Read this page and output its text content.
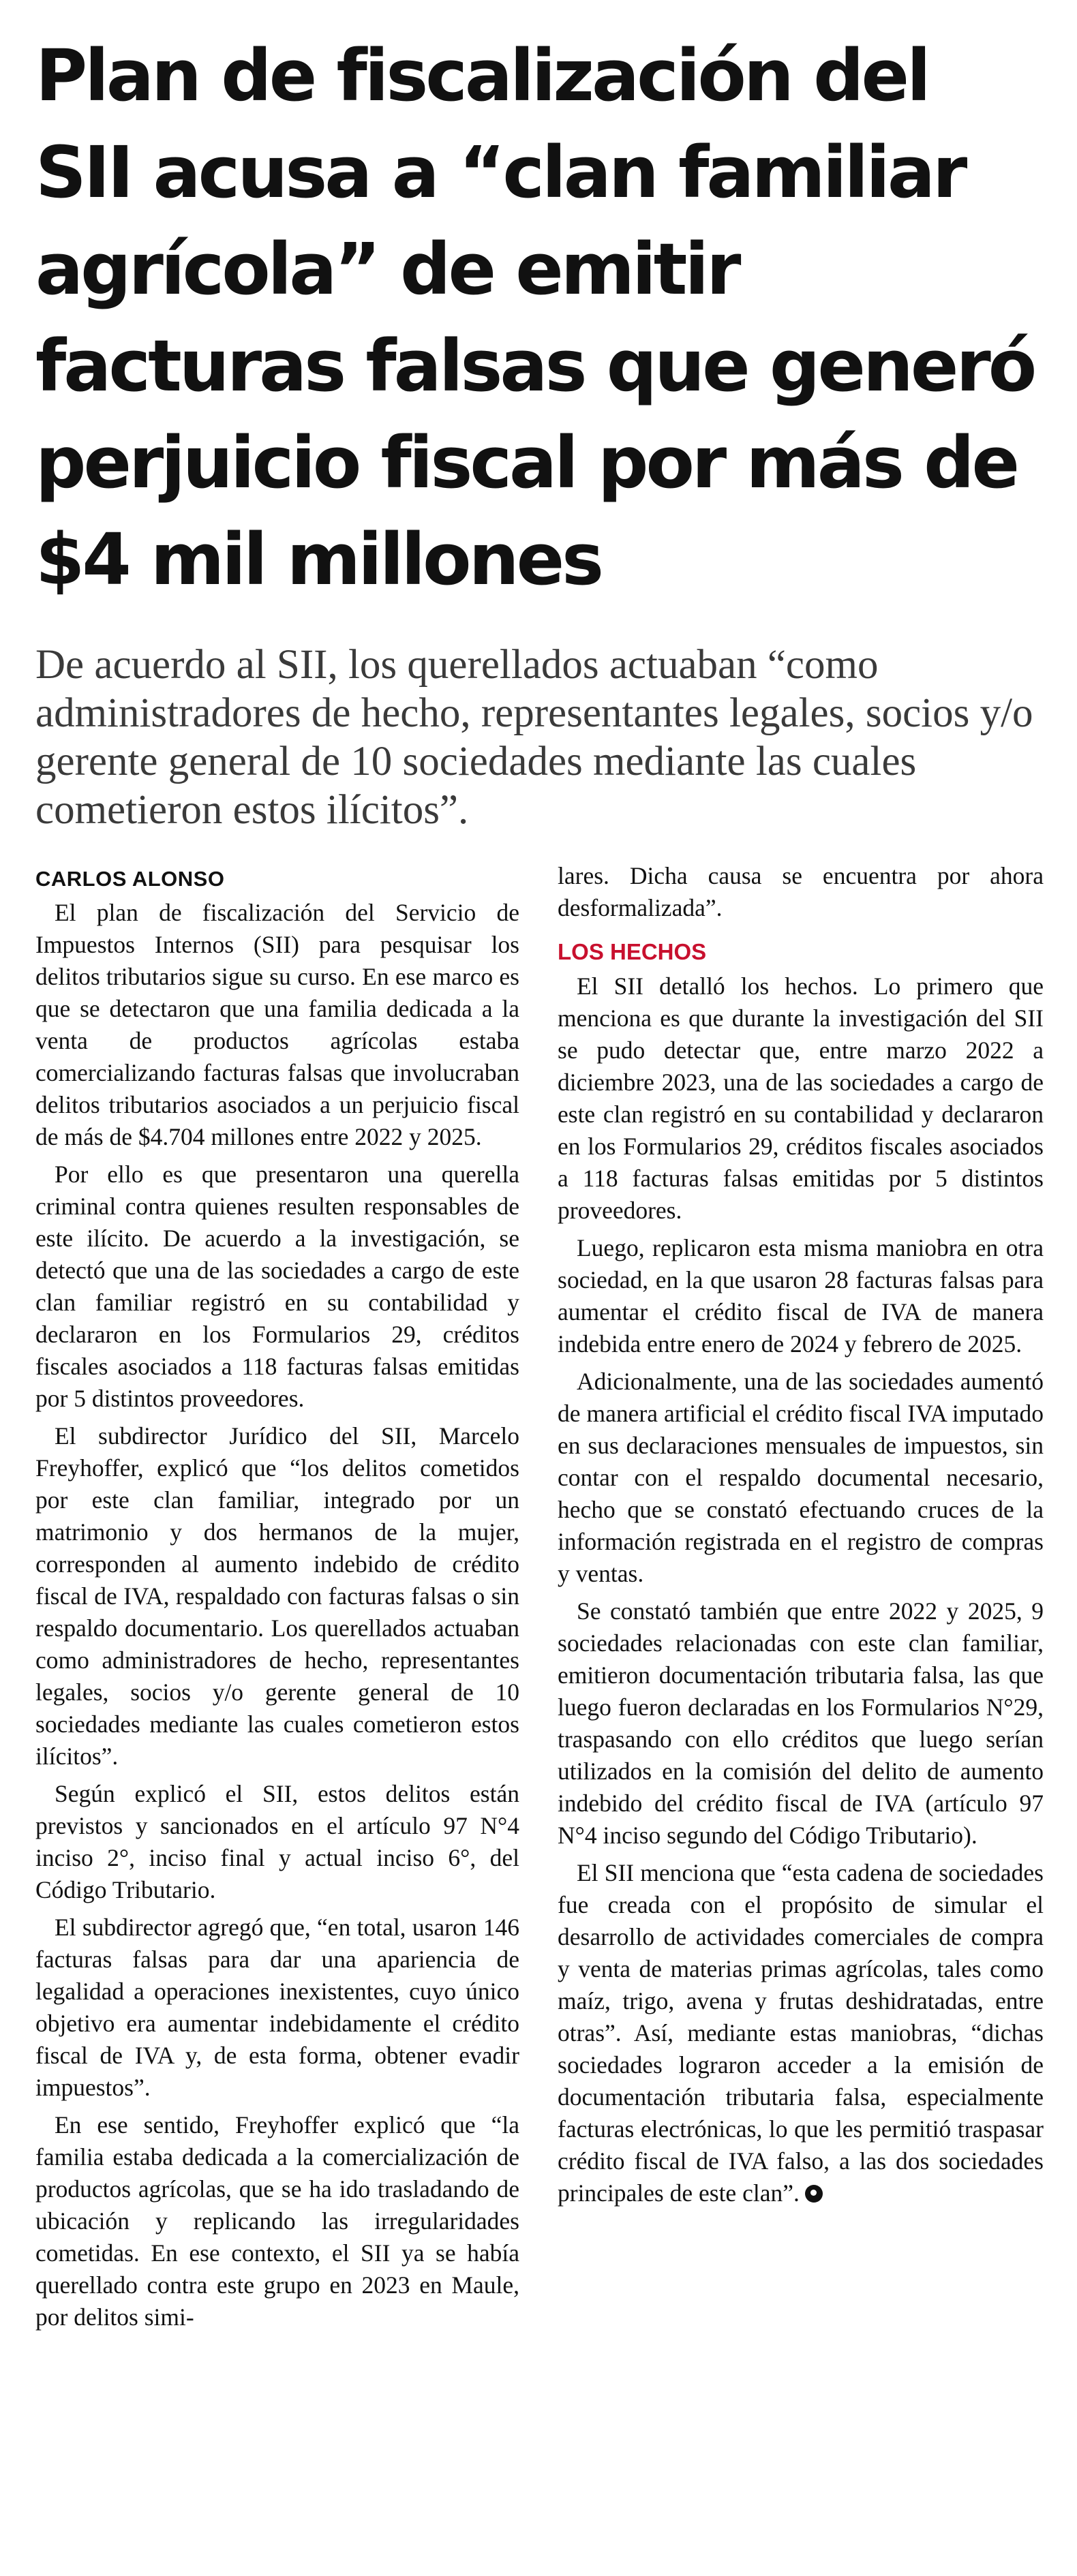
Plan de fiscalización del SII acusa a “clan familiar agrícola” de emitir facturas falsas que generó perjuicio fiscal por más de $4 mil millones

De acuerdo al SII, los querellados actuaban “como administradores de hecho, representantes legales, socios y/o gerente general de 10 sociedades mediante las cuales cometieron estos ilícitos”.

CARLOS ALONSO

El plan de fiscalización del Servicio de Impuestos Internos (SII) para pesquisar los delitos tributarios sigue su curso. En ese marco es que se detectaron que una familia dedicada a la venta de productos agrícolas estaba comercializando facturas falsas que involucraban delitos tributarios asociados a un perjuicio fiscal de más de $4.704 millones entre 2022 y 2025.

Por ello es que presentaron una querella criminal contra quienes resulten responsables de este ilícito. De acuerdo a la investigación, se detectó que una de las sociedades a cargo de este clan familiar registró en su contabilidad y declararon en los Formularios 29, créditos fiscales asociados a 118 facturas falsas emitidas por 5 distintos proveedores.

El subdirector Jurídico del SII, Marcelo Freyhoffer, explicó que “los delitos cometidos por este clan familiar, integrado por un matrimonio y dos hermanos de la mujer, corresponden al aumento indebido de crédito fiscal de IVA, respaldado con facturas falsas o sin respaldo documentario. Los querellados actuaban como administradores de hecho, representantes legales, socios y/o gerente general de 10 sociedades mediante las cuales cometieron estos ilícitos”.

Según explicó el SII, estos delitos están previstos y sancionados en el artículo 97 N°4 inciso 2°, inciso final y actual inciso 6°, del Código Tributario.

El subdirector agregó que, “en total, usaron 146 facturas falsas para dar una apariencia de legalidad a operaciones inexistentes, cuyo único objetivo era aumentar indebidamente el crédito fiscal de IVA y, de esta forma, obtener evadir impuestos”.

En ese sentido, Freyhoffer explicó que “la familia estaba dedicada a la comercialización de productos agrícolas, que se ha ido trasladando de ubicación y replicando las irregularidades cometidas. En ese contexto, el SII ya se había querellado contra este grupo en 2023 en Maule, por delitos simi-

lares. Dicha causa se encuentra por ahora desformalizada”.

LOS HECHOS

El SII detalló los hechos. Lo primero que menciona es que durante la investigación del SII se pudo detectar que, entre marzo 2022 a diciembre 2023, una de las sociedades a cargo de este clan registró en su contabilidad y declararon en los Formularios 29, créditos fiscales asociados a 118 facturas falsas emitidas por 5 distintos proveedores.

Luego, replicaron esta misma maniobra en otra sociedad, en la que usaron 28 facturas falsas para aumentar el crédito fiscal de IVA de manera indebida entre enero de 2024 y febrero de 2025.

Adicionalmente, una de las sociedades aumentó de manera artificial el crédito fiscal IVA imputado en sus declaraciones mensuales de impuestos, sin contar con el respaldo documental necesario, hecho que se constató efectuando cruces de la información registrada en el registro de compras y ventas.

Se constató también que entre 2022 y 2025, 9 sociedades relacionadas con este clan familiar, emitieron documentación tributaria falsa, las que luego fueron declaradas en los Formularios N°29, traspasando con ello créditos que luego serían utilizados en la comisión del delito de aumento indebido del crédito fiscal de IVA (artículo 97 N°4 inciso segundo del Código Tributario).

El SII menciona que “esta cadena de sociedades fue creada con el propósito de simular el desarrollo de actividades comerciales de compra y venta de materias primas agrícolas, tales como maíz, trigo, avena y frutas deshidratadas, entre otras”. Así, mediante estas maniobras, “dichas sociedades lograron acceder a la emisión de documentación tributaria falsa, especialmente facturas electrónicas, lo que les permitió traspasar crédito fiscal de IVA falso, a las dos sociedades principales de este clan”.
